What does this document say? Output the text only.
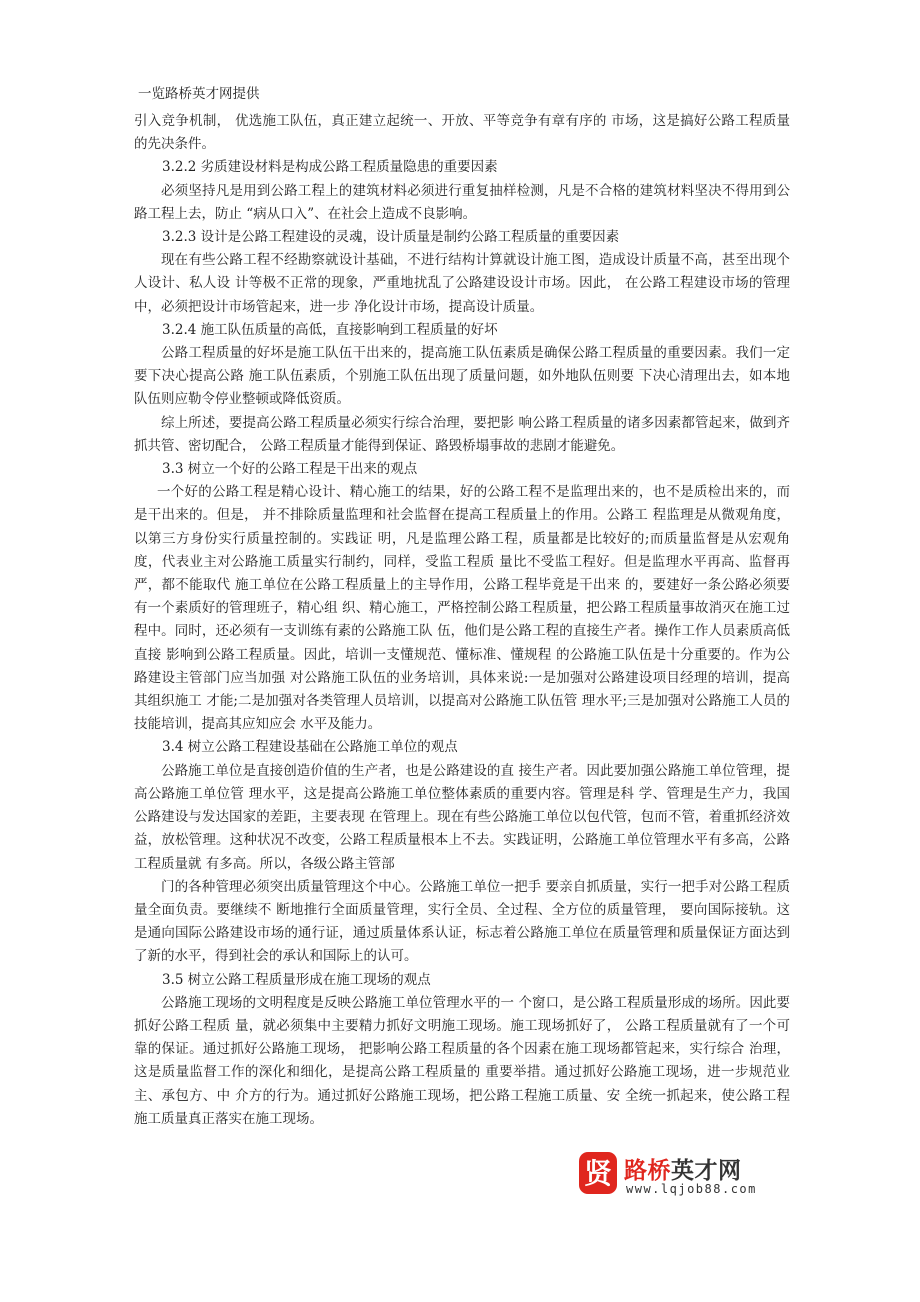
一览路桥英才网提供

引入竞争机制， 优选施工队伍，真正建立起统一、开放、平等竞争有章有序的 市场，这是搞好公路工程质量的先决条件。

3.2.2 劣质建设材料是构成公路工程质量隐患的重要因素

必须坚持凡是用到公路工程上的建筑材料必须进行重复抽样检测，凡是不合格的建筑材料坚决不得用到公路工程上去，防止 “病从口入”、在社会上造成不良影响。

3.2.3 设计是公路工程建设的灵魂，设计质量是制约公路工程质量的重要因素

现在有些公路工程不经勘察就设计基础，不进行结构计算就设计施工图，造成设计质量不高，甚至出现个人设计、私人设 计等极不正常的现象，严重地扰乱了公路建设设计市场。因此， 在公路工程建设市场的管理中，必须把设计市场管起来，进一步 净化设计市场，提高设计质量。

3.2.4 施工队伍质量的高低，直接影响到工程质量的好坏

公路工程质量的好坏是施工队伍干出来的，提高施工队伍素质是确保公路工程质量的重要因素。我们一定要下决心提高公路 施工队伍素质，个别施工队伍出现了质量问题，如外地队伍则要 下决心清理出去，如本地队伍则应勒令停业整顿或降低资质。

综上所述，要提高公路工程质量必须实行综合治理，要把影 响公路工程质量的诸多因素都管起来，做到齐抓共管、密切配合， 公路工程质量才能得到保证、路毁桥塌事故的悲剧才能避免。

3.3 树立一个好的公路工程是干出来的观点

一个好的公路工程是精心设计、精心施工的结果，好的公路工程不是监理出来的，也不是质检出来的，而是干出来的。但是， 并不排除质量监理和社会监督在提高工程质量上的作用。公路工 程监理是从微观角度，以第三方身份实行质量控制的。实践证 明，凡是监理公路工程，质量都是比较好的;而质量监督是从宏观角度，代表业主对公路施工质量实行制约，同样，受监工程质 量比不受监工程好。但是监理水平再高、监督再严，都不能取代 施工单位在公路工程质量上的主导作用，公路工程毕竟是干出来 的，要建好一条公路必须要有一个素质好的管理班子，精心组 织、精心施工，严格控制公路工程质量，把公路工程质量事故消灭在施工过程中。同时，还必须有一支训练有素的公路施工队 伍，他们是公路工程的直接生产者。操作工作人员素质高低直接 影响到公路工程质量。因此，培训一支懂规范、懂标准、懂规程 的公路施工队伍是十分重要的。作为公路建设主管部门应当加强 对公路施工队伍的业务培训，具体来说:一是加强对公路建设项目经理的培训，提高其组织施工 才能;二是加强对各类管理人员培训，以提高对公路施工队伍管 理水平;三是加强对公路施工人员的技能培训，提高其应知应会 水平及能力。

3.4 树立公路工程建设基础在公路施工单位的观点

公路施工单位是直接创造价值的生产者，也是公路建设的直 接生产者。因此要加强公路施工单位管理，提高公路施工单位管 理水平，这是提高公路施工单位整体素质的重要内容。管理是科 学、管理是生产力，我国公路建设与发达国家的差距，主要表现 在管理上。现在有些公路施工单位以包代管，包而不管，着重抓经济效益，放松管理。这种状况不改变，公路工程质量根本上不去。实践证明，公路施工单位管理水平有多高，公路工程质量就 有多高。所以，各级公路主管部

门的各种管理必须突出质量管理这个中心。公路施工单位一把手 要亲自抓质量，实行一把手对公路工程质量全面负责。要继续不 断地推行全面质量管理，实行全员、全过程、全方位的质量管理， 要向国际接轨。这是通向国际公路建设市场的通行证，通过质量体系认证，标志着公路施工单位在质量管理和质量保证方面达到 了新的水平，得到社会的承认和国际上的认可。

3.5 树立公路工程质量形成在施工现场的观点

公路施工现场的文明程度是反映公路施工单位管理水平的一 个窗口，是公路工程质量形成的场所。因此要抓好公路工程质 量，就必须集中主要精力抓好文明施工现场。施工现场抓好了， 公路工程质量就有了一个可靠的保证。通过抓好公路施工现场， 把影响公路工程质量的各个因素在施工现场都管起来，实行综合 治理，这是质量监督工作的深化和细化，是提高公路工程质量的 重要举措。通过抓好公路施工现场，进一步规范业主、承包方、中 介方的行为。通过抓好公路施工现场，把公路工程施工质量、安 全统一抓起来，使公路工程施工质量真正落实在施工现场。

贤 路桥英才网
www.lqjob88.com
